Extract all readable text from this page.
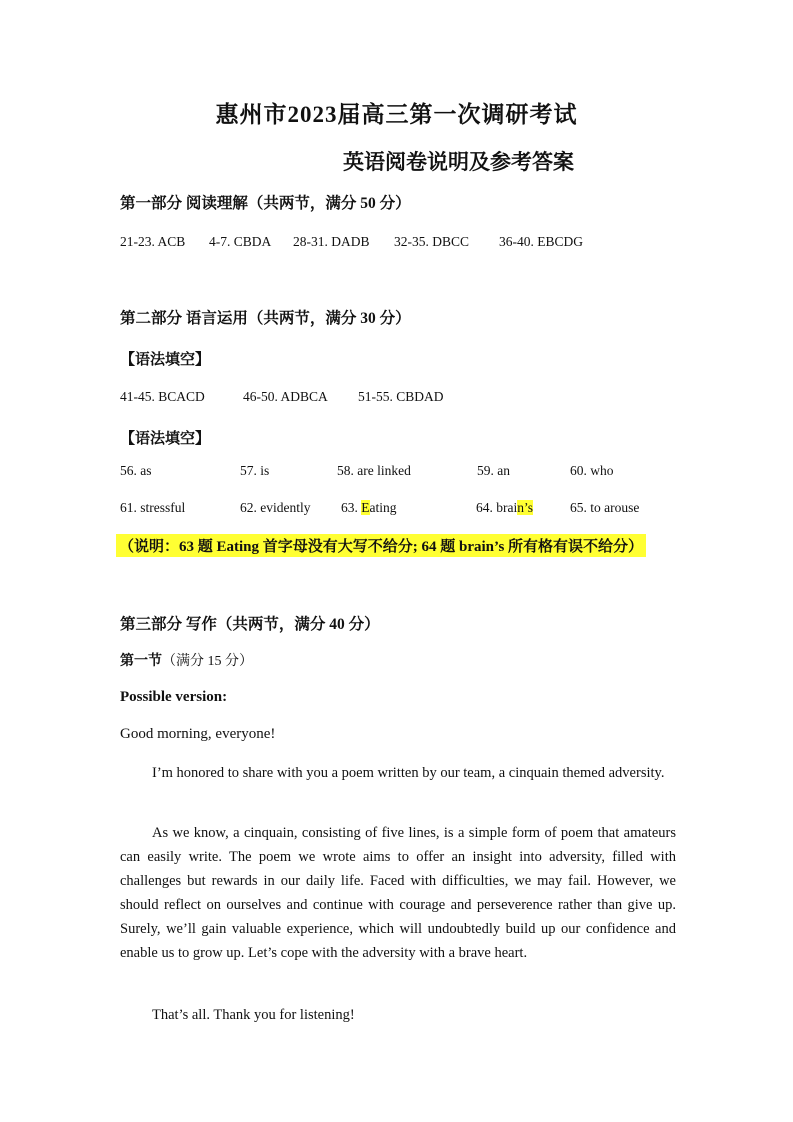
惠州市2023届高三第一次调研考试
英语阅卷说明及参考答案
第一部分 阅读理解（共两节，满分 50 分）
21-23. ACB 4-7. CBDA 28-31. DADB 32-35. DBCC 36-40. EBCDG
第二部分 语言运用（共两节，满分 30 分）
【语法填空】
41-45. BCACD	46-50. ADBCA 51-55. CBDAD
【语法填空】
56. as	57. is	58. are linked	59. an	60. who
61. stressful	62. evidently 63. Eating	64. brain’s	65. to arouse
（说明：63 题 Eating 首字母没有大写不给分; 64 题 brain’s 所有格有误不给分）
第三部分 写作（共两节，满分 40 分）
第一节（满分 15 分）
Possible version:
Good morning, everyone!
I’m honored to share with you a poem written by our team, a cinquain themed adversity.
As we know, a cinquain, consisting of five lines, is a simple form of poem that amateurs can easily write. The poem we wrote aims to offer an insight into adversity, filled with challenges but rewards in our daily life. Faced with difficulties, we may fail. However, we should reflect on ourselves and continue with courage and perseverence rather than give up. Surely, we’ll gain valuable experience, which will undoubtedly build up our confidence and enable us to grow up. Let’s cope with the adversity with a brave heart.
That’s all. Thank you for listening!
